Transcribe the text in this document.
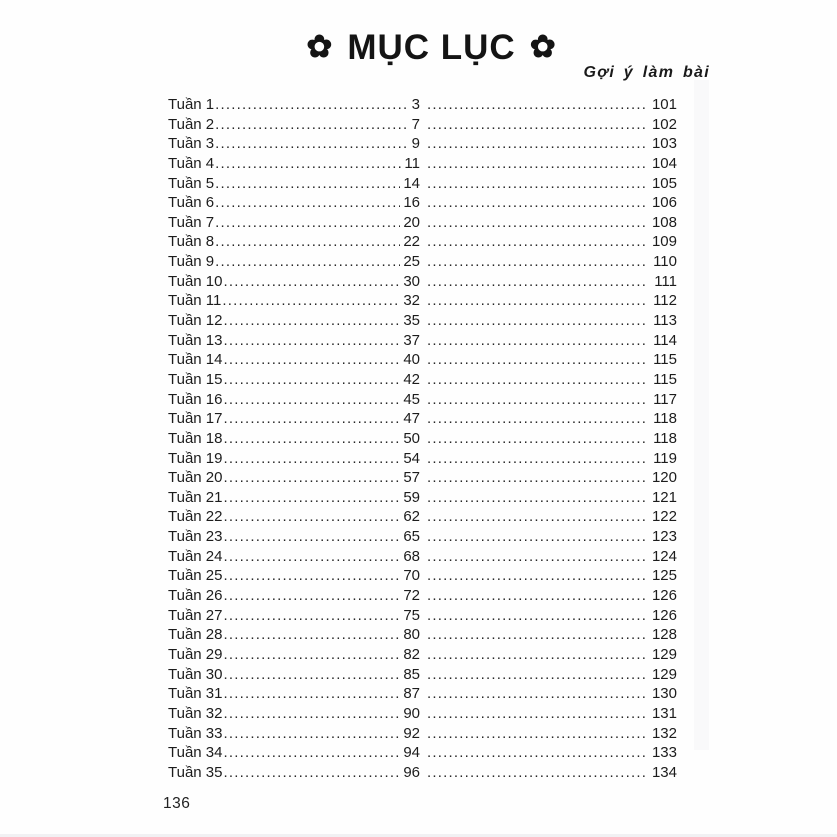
✿ MỤC LỤC ✿
Gợi ý làm bài
Tuần 1 .....	3 .....	101
Tuần 2 .....	7 .....	102
Tuần 3 .....	9 .....	103
Tuần 4 .....	11 .....	104
Tuần 5 .....	14 .....	105
Tuần 6 .....	16 .....	106
Tuần 7 .....	20 .....	108
Tuần 8 .....	22 .....	109
Tuần 9 .....	25 .....	110
Tuần 10 .....	30 .....	111
Tuần 11 .....	32 .....	112
Tuần 12 .....	35 .....	113
Tuần 13 .....	37 .....	114
Tuần 14 .....	40 .....	115
Tuần 15 .....	42 .....	115
Tuần 16 .....	45 .....	117
Tuần 17 .....	47 .....	118
Tuần 18 .....	50 .....	118
Tuần 19 .....	54 .....	119
Tuần 20 .....	57 .....	120
Tuần 21 .....	59 .....	121
Tuần 22 .....	62 .....	122
Tuần 23 .....	65 .....	123
Tuần 24 .....	68 .....	124
Tuần 25 .....	70 .....	125
Tuần 26 .....	72 .....	126
Tuần 27 .....	75 .....	126
Tuần 28 .....	80 .....	128
Tuần 29 .....	82 .....	129
Tuần 30 .....	85 .....	129
Tuần 31 .....	87 .....	130
Tuần 32 .....	90 .....	131
Tuần 33 .....	92 .....	132
Tuần 34 .....	94 .....	133
Tuần 35 .....	96 .....	134
136
